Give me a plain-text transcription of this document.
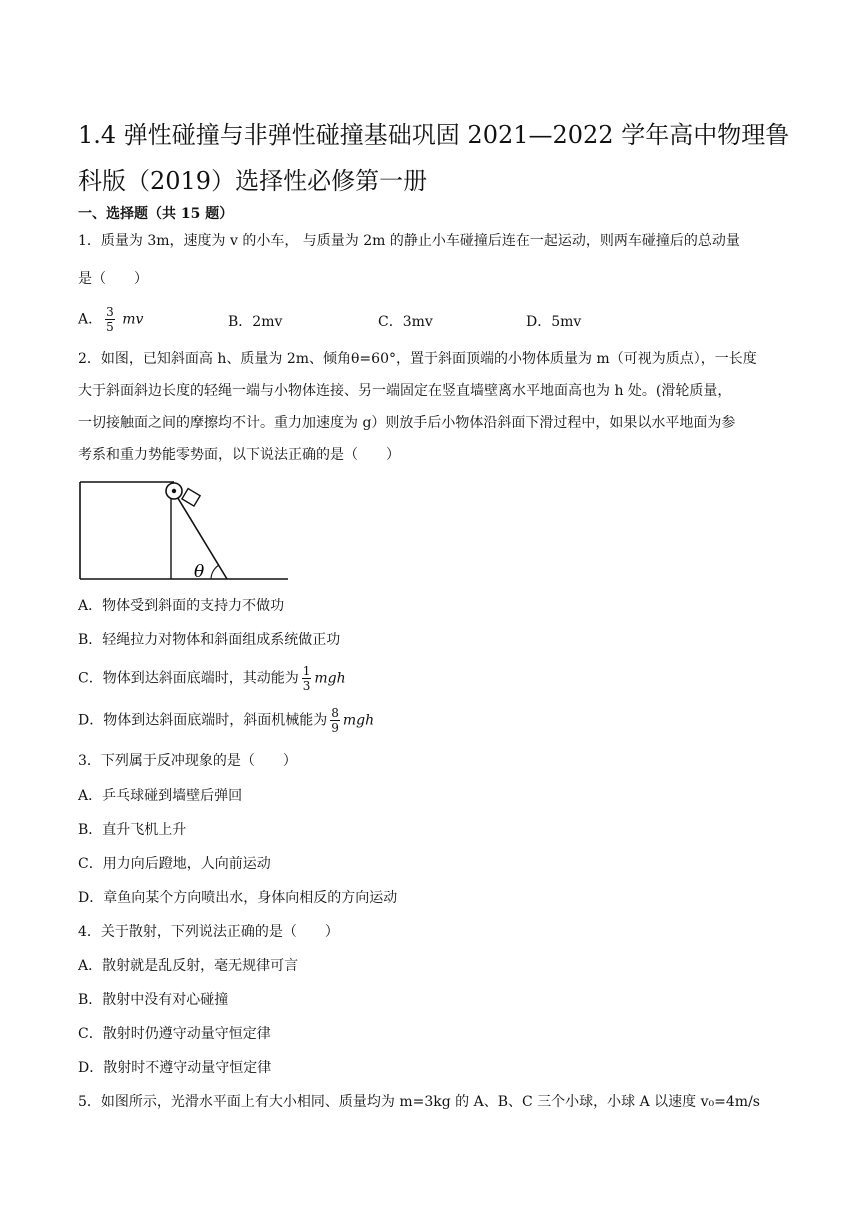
1.4 弹性碰撞与非弹性碰撞基础巩固 2021—2022 学年高中物理鲁科版（2019）选择性必修第一册
一、选择题（共 15 题）

1．质量为 3m，速度为 v 的小车， 与质量为 2m 的静止小车碰撞后连在一起运动，则两车碰撞后的总动量

是（　　）

A． $\frac{3}{5}$ mv	B．2mv	C．3mv	D．5mv

2．如图，已知斜面高 h、质量为 2m、倾角θ=60°，置于斜面顶端的小物体质量为 m（可视为质点），一长度

大于斜面斜边长度的轻绳一端与小物体连接、另一端固定在竖直墙壁离水平地面高也为 h 处。(滑轮质量，

一切接触面之间的摩擦均不计。重力加速度为 g）则放手后小物体沿斜面下滑过程中，如果以水平地面为参

考系和重力势能零势面，以下说法正确的是（　　）

θ

A．物体受到斜面的支持力不做功

B．轻绳拉力对物体和斜面组成系统做正功

C．物体到达斜面底端时，其动能为 $\frac{1}{3}$ mgh

D．物体到达斜面底端时，斜面机械能为 $\frac{8}{9}$ mgh

3．下列属于反冲现象的是（　　）

A．乒乓球碰到墙壁后弹回

B．直升飞机上升

C．用力向后蹬地，人向前运动

D．章鱼向某个方向喷出水，身体向相反的方向运动

4．关于散射，下列说法正确的是（　　）

A．散射就是乱反射，毫无规律可言

B．散射中没有对心碰撞

C．散射时仍遵守动量守恒定律

D．散射时不遵守动量守恒定律

5．如图所示，光滑水平面上有大小相同、质量均为 m=3kg 的 A、B、C 三个小球，小球 A 以速度 v₀=4m/s
